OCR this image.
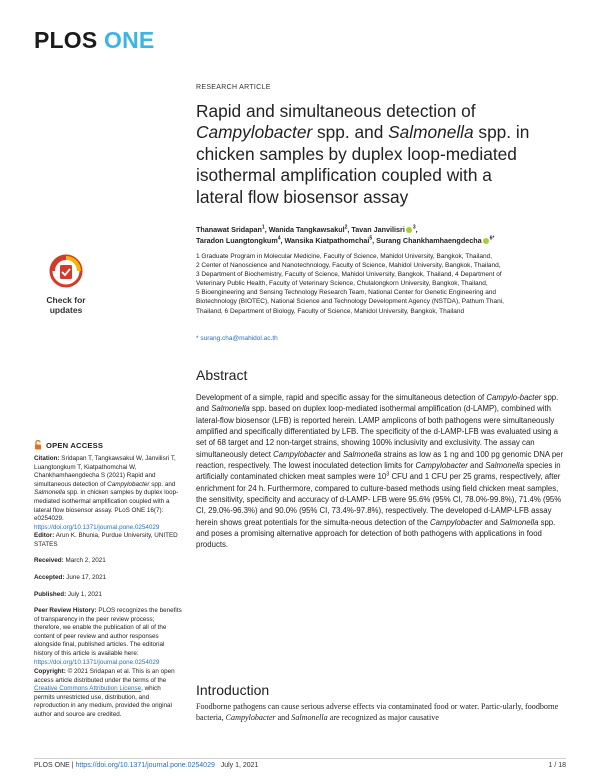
PLOS ONE
Check for
updates
OPEN ACCESS
Citation: Sridapan T, Tangkawsakul W, Janvilisri T, Luangtongkum T, Kiatpathomchai W, Chankhamhaengdecha S (2021) Rapid and simultaneous detection of Campylobacter spp. and Salmonella spp. in chicken samples by duplex loop-mediated isothermal amplification coupled with a lateral flow biosensor assay. PLoS ONE 16(7): e0254029. https://doi.org/10.1371/journal.pone.0254029
Editor: Arun K. Bhunia, Purdue University, UNITED STATES
Received: March 2, 2021
Accepted: June 17, 2021
Published: July 1, 2021
Peer Review History: PLOS recognizes the benefits of transparency in the peer review process; therefore, we enable the publication of all of the content of peer review and author responses alongside final, published articles. The editorial history of this article is available here: https://doi.org/10.1371/journal.pone.0254029
Copyright: © 2021 Sridapan et al. This is an open access article distributed under the terms of the Creative Commons Attribution License, which permits unrestricted use, distribution, and reproduction in any medium, provided the original author and source are credited.
RESEARCH ARTICLE
Rapid and simultaneous detection of
Campylobacter spp. and Salmonella spp. in
chicken samples by duplex loop-mediated
isothermal amplification coupled with a
lateral flow biosensor assay
Thanawat Sridapan$^1$, Wanida Tangkawsakul$^2$, Tavan Janvilisri $^3$,
Taradon Luangtongkum$^4$, Wansika Kiatpathomchai$^5$, Surang Chankhamhaengdecha $^{6*}$
1 Graduate Program in Molecular Medicine, Faculty of Science, Mahidol University, Bangkok, Thailand,
2 Center of Nanoscience and Nanotechnology, Faculty of Science, Mahidol University, Bangkok, Thailand,
3 Department of Biochemistry, Faculty of Science, Mahidol University, Bangkok, Thailand, 4 Department of
Veterinary Public Health, Faculty of Veterinary Science, Chulalongkorn University, Bangkok, Thailand,
5 Bioengineering and Sensing Technology Research Team, National Center for Genetic Engineering and
Biotechnology (BIOTEC), National Science and Technology Development Agency (NSTDA), Pathum Thani,
Thailand, 6 Department of Biology, Faculty of Science, Mahidol University, Bangkok, Thailand
* surang.cha@mahidol.ac.th
Abstract
Development of a simple, rapid and specific assay for the simultaneous detection of Campylo-bacter spp. and Salmonella spp. based on duplex loop-mediated isothermal amplification (d-LAMP), combined with lateral-flow biosensor (LFB) is reported herein. LAMP amplicons of both pathogens were simultaneously amplified and specifically differentiated by LFB. The specificity of the d-LAMP-LFB was evaluated using a set of 68 target and 12 non-target strains, showing 100% inclusivity and exclusivity. The assay can simultaneously detect Campylobacter and Salmonella strains as low as 1 ng and 100 pg genomic DNA per reaction, respectively. The lowest inoculated detection limits for Campylobacter and Salmonella species in artificially contaminated chicken meat samples were $10^3$ CFU and 1 CFU per 25 grams, respectively, after enrichment for 24 h. Furthermore, compared to culture-based methods using field chicken meat samples, the sensitivity, specificity and accuracy of d-LAMP- LFB were 95.6% (95% CI, 78.0%-99.8%), 71.4% (95% CI, 29.0%-96.3%) and 90.0% (95% CI, 73.4%-97.8%), respectively. The developed d-LAMP-LFB assay herein shows great potentials for the simulta-neous detection of the Campylobacter and Salmonella spp. and poses a promising alternative approach for detection of both pathogens with applications in food products.
Introduction
Foodborne pathogens can cause serious adverse effects via contaminated food or water. Partic-ularly, foodborne bacteria, Campylobacter and Salmonella are recognized as major causative
PLOS ONE | https://doi.org/10.1371/journal.pone.0254029 July 1, 2021	1 / 18
